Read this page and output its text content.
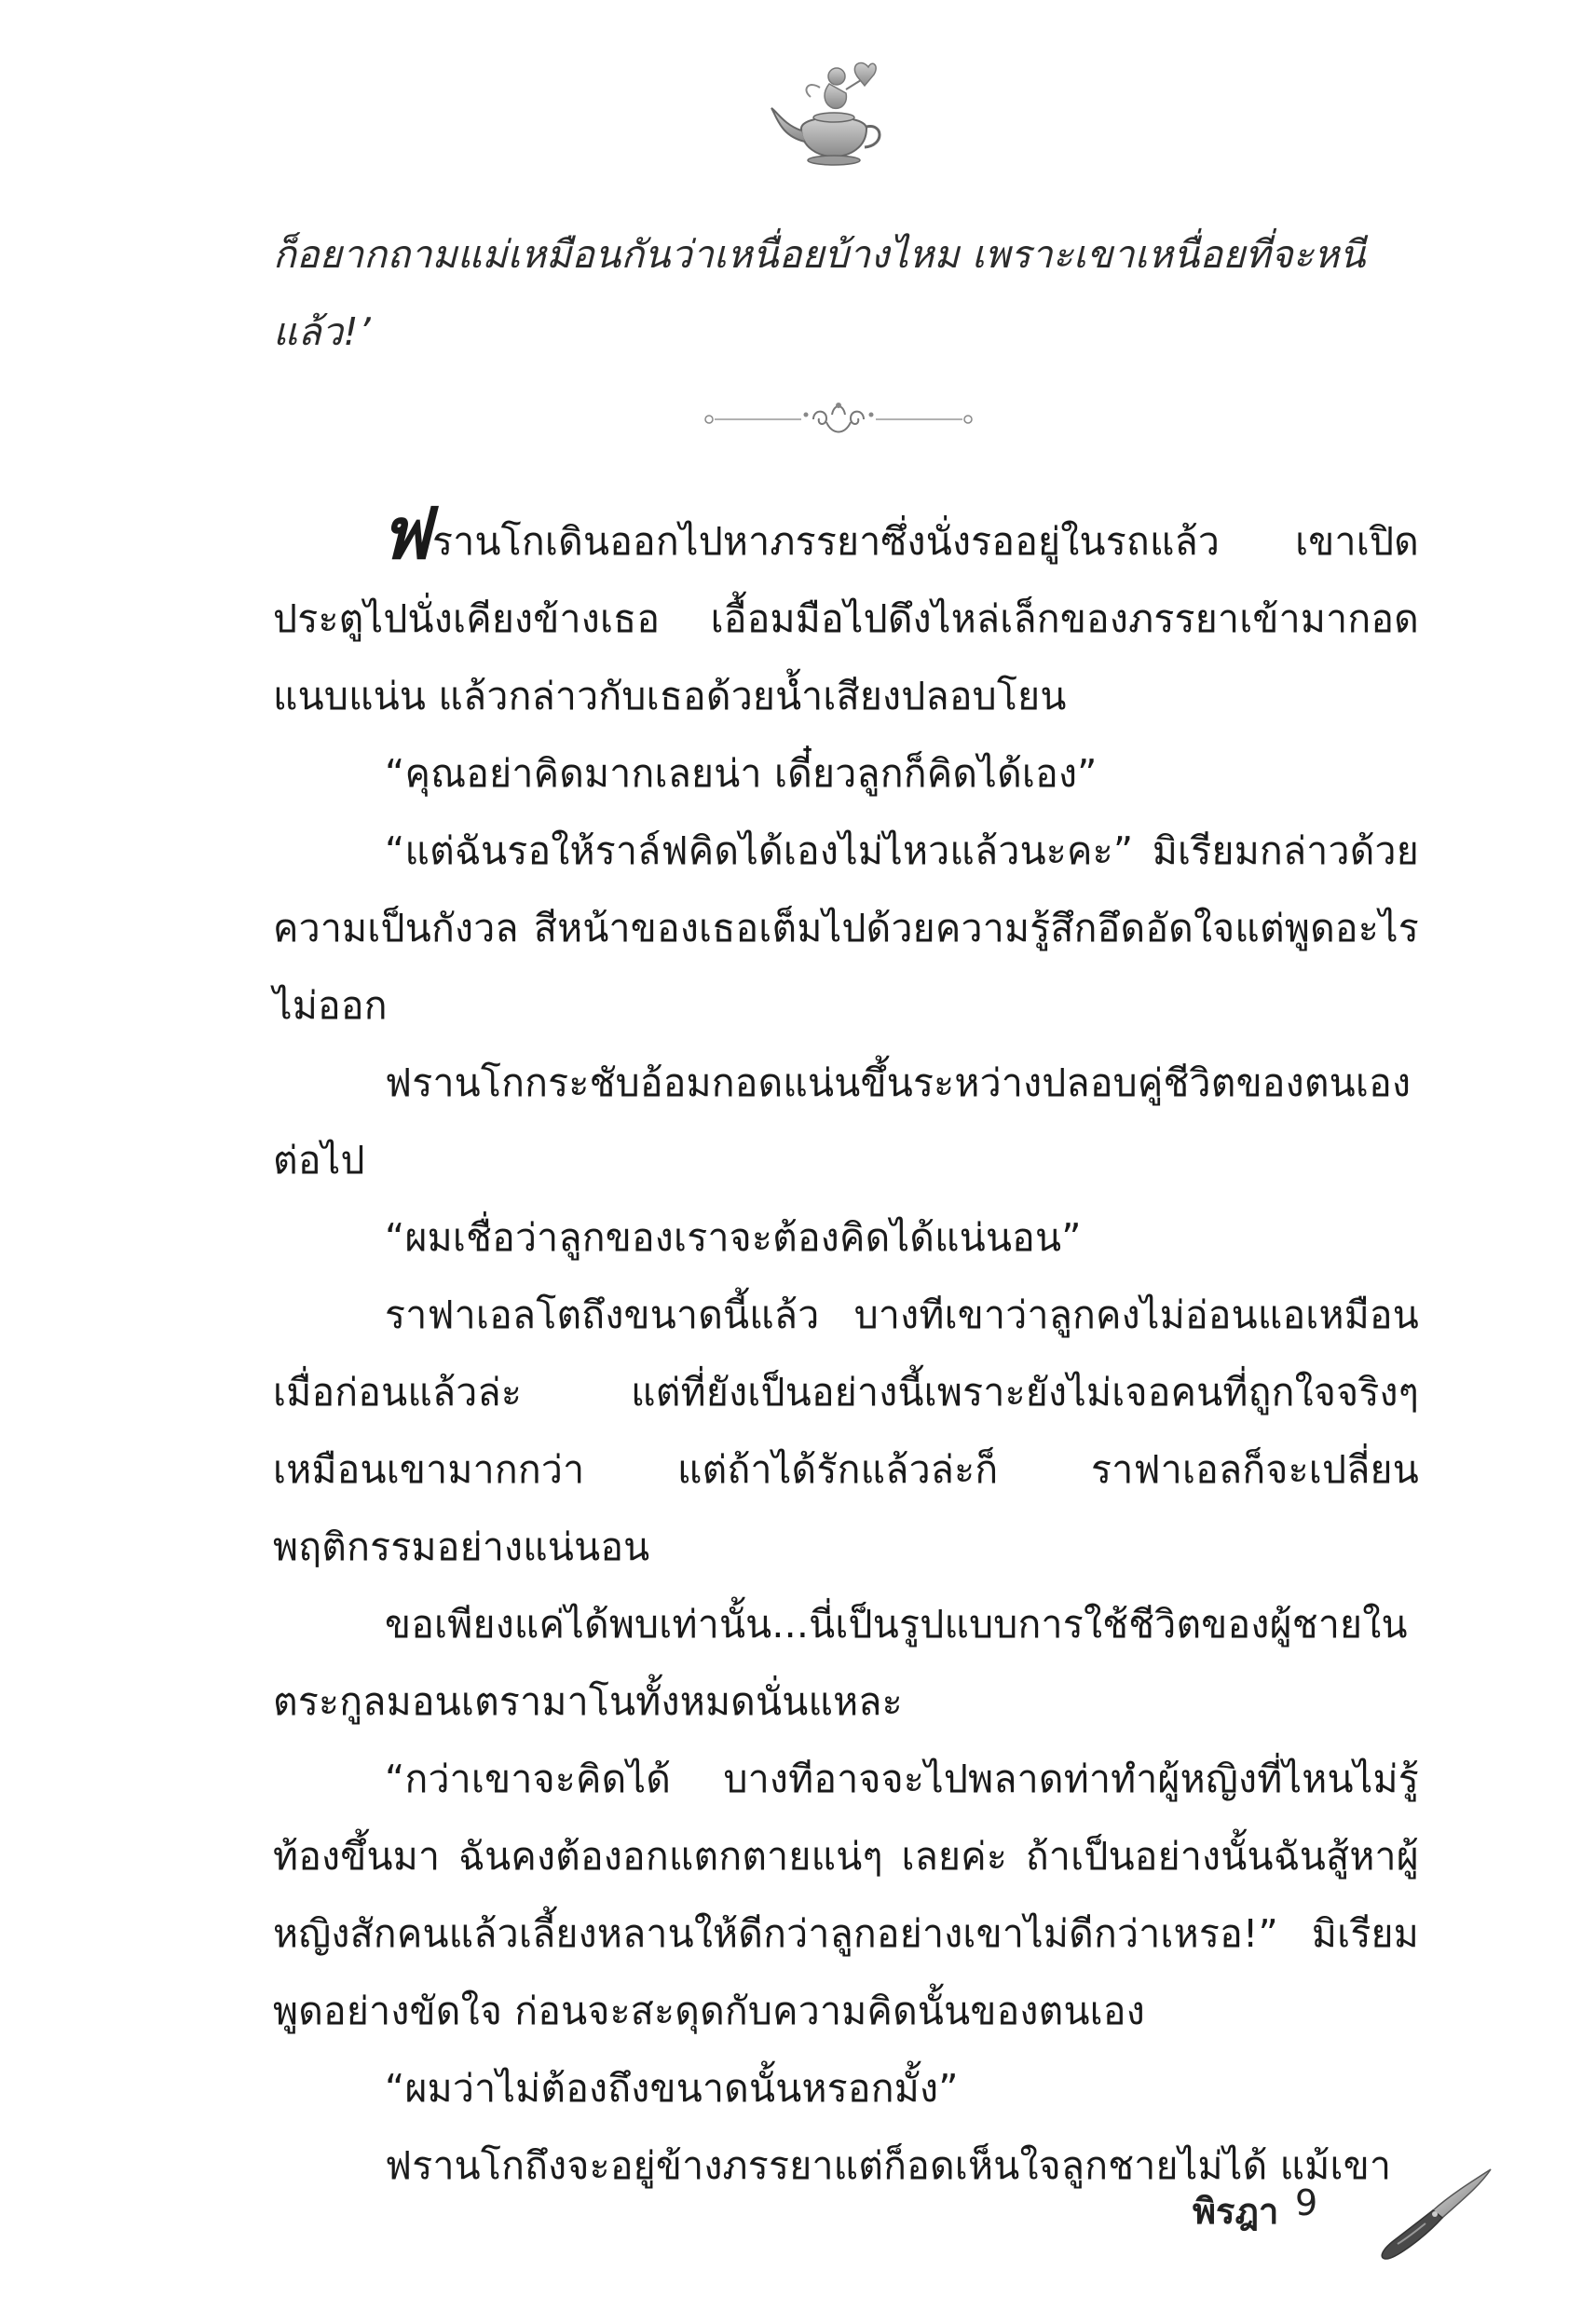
ก็อยากถามแม่เหมือนกันว่าเหนื่อยบ้างไหม เพราะเขาเหนื่อยที่จะหนี

แล้ว!’

ฟรานโกเดินออกไปหาภรรยาซึ่งนั่งรออยู่ในรถแล้ว เขาเปิดประตูไปนั่งเคียงข้างเธอ เอื้อมมือไปดึงไหล่เล็กของภรรยาเข้ามากอดแนบแน่น แล้วกล่าวกับเธอด้วยน้ำเสียงปลอบโยน

“คุณอย่าคิดมากเลยน่า เดี๋ยวลูกก็คิดได้เอง”

“แต่ฉันรอให้ราล์ฟคิดได้เองไม่ไหวแล้วนะคะ” มิเรียมกล่าวด้วยความเป็นกังวล สีหน้าของเธอเต็มไปด้วยความรู้สึกอึดอัดใจแต่พูดอะไรไม่ออก

ฟรานโกกระชับอ้อมกอดแน่นขึ้นระหว่างปลอบคู่ชีวิตของตนเองต่อไป

“ผมเชื่อว่าลูกของเราจะต้องคิดได้แน่นอน”

ราฟาเอลโตถึงขนาดนี้แล้ว บางทีเขาว่าลูกคงไม่อ่อนแอเหมือนเมื่อก่อนแล้วล่ะ แต่ที่ยังเป็นอย่างนี้เพราะยังไม่เจอคนที่ถูกใจจริงๆ เหมือนเขามากกว่า แต่ถ้าได้รักแล้วล่ะก็ ราฟาเอลก็จะเปลี่ยนพฤติกรรมอย่างแน่นอน

ขอเพียงแค่ได้พบเท่านั้น...นี่เป็นรูปแบบการใช้ชีวิตของผู้ชายในตระกูลมอนเตรามาโนทั้งหมดนั่นแหละ

“กว่าเขาจะคิดได้ บางทีอาจจะไปพลาดท่าทำผู้หญิงที่ไหนไม่รู้ท้องขึ้นมา ฉันคงต้องอกแตกตายแน่ๆ เลยค่ะ ถ้าเป็นอย่างนั้นฉันสู้หาผู้หญิงสักคนแล้วเลี้ยงหลานให้ดีกว่าลูกอย่างเขาไม่ดีกว่าเหรอ!” มิเรียมพูดอย่างขัดใจ ก่อนจะสะดุดกับความคิดนั้นของตนเอง

“ผมว่าไม่ต้องถึงขนาดนั้นหรอกมั้ง”

ฟรานโกถึงจะอยู่ข้างภรรยาแต่ก็อดเห็นใจลูกชายไม่ได้ แม้เขา

พิรฎา 9
